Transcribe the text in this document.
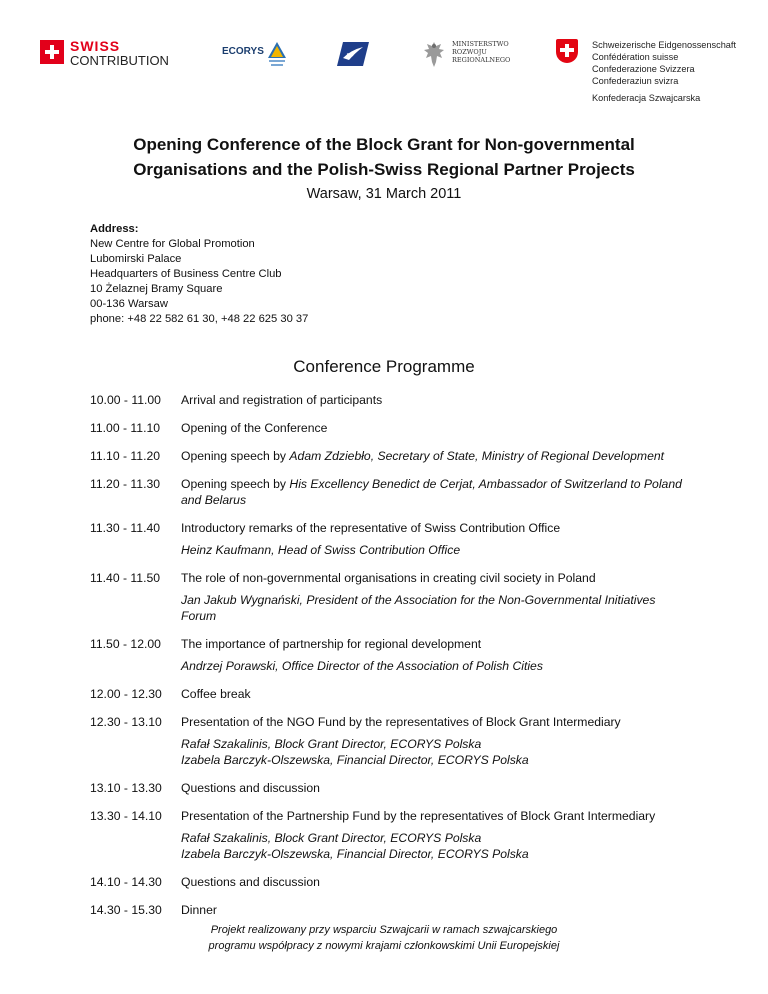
SWISS
CONTRIBUTION
ECORYS
MINISTERSTWO
ROZWOJU
REGIONALNEGO
Schweizerische Eidgenossenschaft
Confédération suisse
Confederazione Svizzera
Confederaziun svizra
Konfederacja Szwajcarska
Opening Conference of the Block Grant for Non-governmental
Organisations and the Polish-Swiss Regional Partner Projects
Warsaw, 31 March 2011
Address:
New Centre for Global Promotion
Lubomirski Palace
Headquarters of Business Centre Club
10 Żelaznej Bramy Square
00-136 Warsaw
phone: +48 22 582 61 30, +48 22 625 30 37
Conference Programme
10.00 - 11.00	Arrival and registration of participants
11.00 - 11.10	Opening of the Conference
11.10 - 11.20	Opening speech by Adam Zdziebło, Secretary of State, Ministry of Regional Development
11.20 - 11.30	Opening speech by His Excellency Benedict de Cerjat, Ambassador of Switzerland to Poland and Belarus
11.30 - 11.40	Introductory remarks of the representative of Swiss Contribution Office
Heinz Kaufmann, Head of Swiss Contribution Office
11.40 - 11.50	The role of non-governmental organisations in creating civil society in Poland
Jan Jakub Wygnański, President of the Association for the Non-Governmental Initiatives Forum
11.50 - 12.00	The importance of partnership for regional development
Andrzej Porawski, Office Director of the Association of Polish Cities
12.00 - 12.30	Coffee break
12.30 - 13.10	Presentation of the NGO Fund by the representatives of Block Grant Intermediary
Rafał Szakalinis, Block Grant Director, ECORYS Polska
Izabela Barczyk-Olszewska, Financial Director, ECORYS Polska
13.10 - 13.30	Questions and discussion
13.30 - 14.10	Presentation of the Partnership Fund by the representatives of Block Grant Intermediary
Rafał Szakalinis, Block Grant Director, ECORYS Polska
Izabela Barczyk-Olszewska, Financial Director, ECORYS Polska
14.10 - 14.30	Questions and discussion
14.30 - 15.30	Dinner
Projekt realizowany przy wsparciu Szwajcarii w ramach szwajcarskiego
programu współpracy z nowymi krajami członkowskimi Unii Europejskiej
